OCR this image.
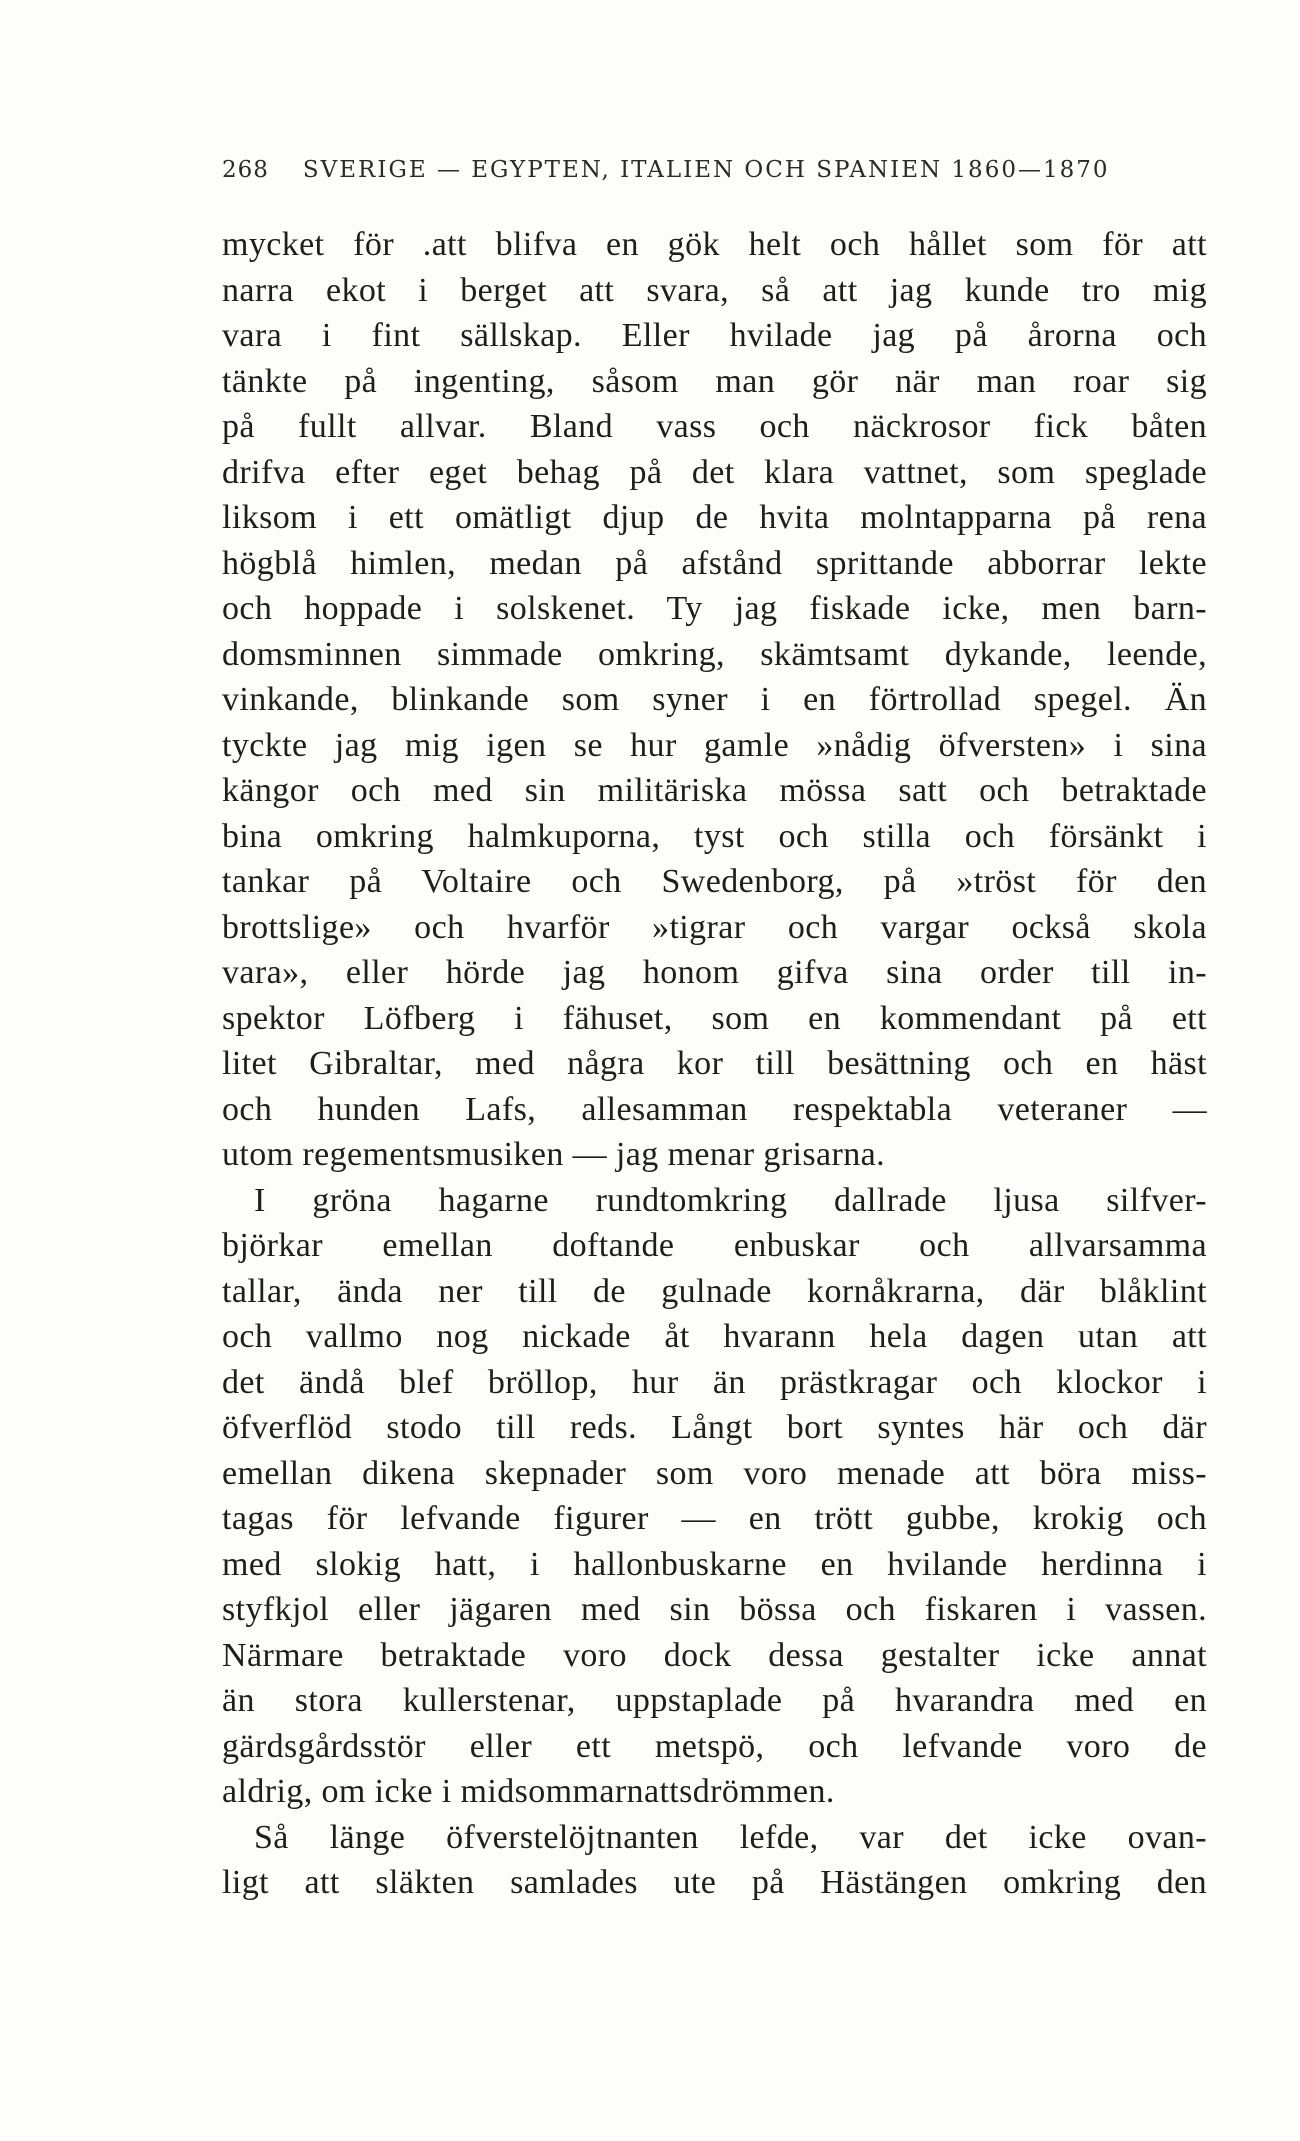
268 SVERIGE — EGYPTEN, ITALIEN OCH SPANIEN 1860—1870
mycket för .att blifva en gök helt och hållet som för att
narra ekot i berget att svara, så att jag kunde tro mig
vara i fint sällskap. Eller hvilade jag på årorna och
tänkte på ingenting, såsom man gör när man roar sig
på fullt allvar. Bland vass och näckrosor fick båten
drifva efter eget behag på det klara vattnet, som speglade
liksom i ett omätligt djup de hvita molntapparna på rena
högblå himlen, medan på afstånd sprittande abborrar lekte
och hoppade i solskenet. Ty jag fiskade icke, men barn-
domsminnen simmade omkring, skämtsamt dykande, leende,
vinkande, blinkande som syner i en förtrollad spegel. Än
tyckte jag mig igen se hur gamle »nådig öfversten» i sina
kängor och med sin militäriska mössa satt och betraktade
bina omkring halmkuporna, tyst och stilla och försänkt i
tankar på Voltaire och Swedenborg, på »tröst för den
brottslige» och hvarför »tigrar och vargar också skola
vara», eller hörde jag honom gifva sina order till in-
spektor Löfberg i fähuset, som en kommendant på ett
litet Gibraltar, med några kor till besättning och en häst
och hunden Lafs, allesamman respektabla veteraner —
utom regementsmusiken — jag menar grisarna.
I gröna hagarne rundtomkring dallrade ljusa silfver-
björkar emellan doftande enbuskar och allvarsamma
tallar, ända ner till de gulnade kornåkrarna, där blåklint
och vallmo nog nickade åt hvarann hela dagen utan att
det ändå blef bröllop, hur än prästkragar och klockor i
öfverflöd stodo till reds. Långt bort syntes här och där
emellan dikena skepnader som voro menade att böra miss-
tagas för lefvande figurer — en trött gubbe, krokig och
med slokig hatt, i hallonbuskarne en hvilande herdinna i
styfkjol eller jägaren med sin bössa och fiskaren i vassen.
Närmare betraktade voro dock dessa gestalter icke annat
än stora kullerstenar, uppstaplade på hvarandra med en
gärdsgårdsstör eller ett metspö, och lefvande voro de
aldrig, om icke i midsommarnattsdrömmen.
Så länge öfverstelöjtnanten lefde, var det icke ovan-
ligt att släkten samlades ute på Hästängen omkring den
